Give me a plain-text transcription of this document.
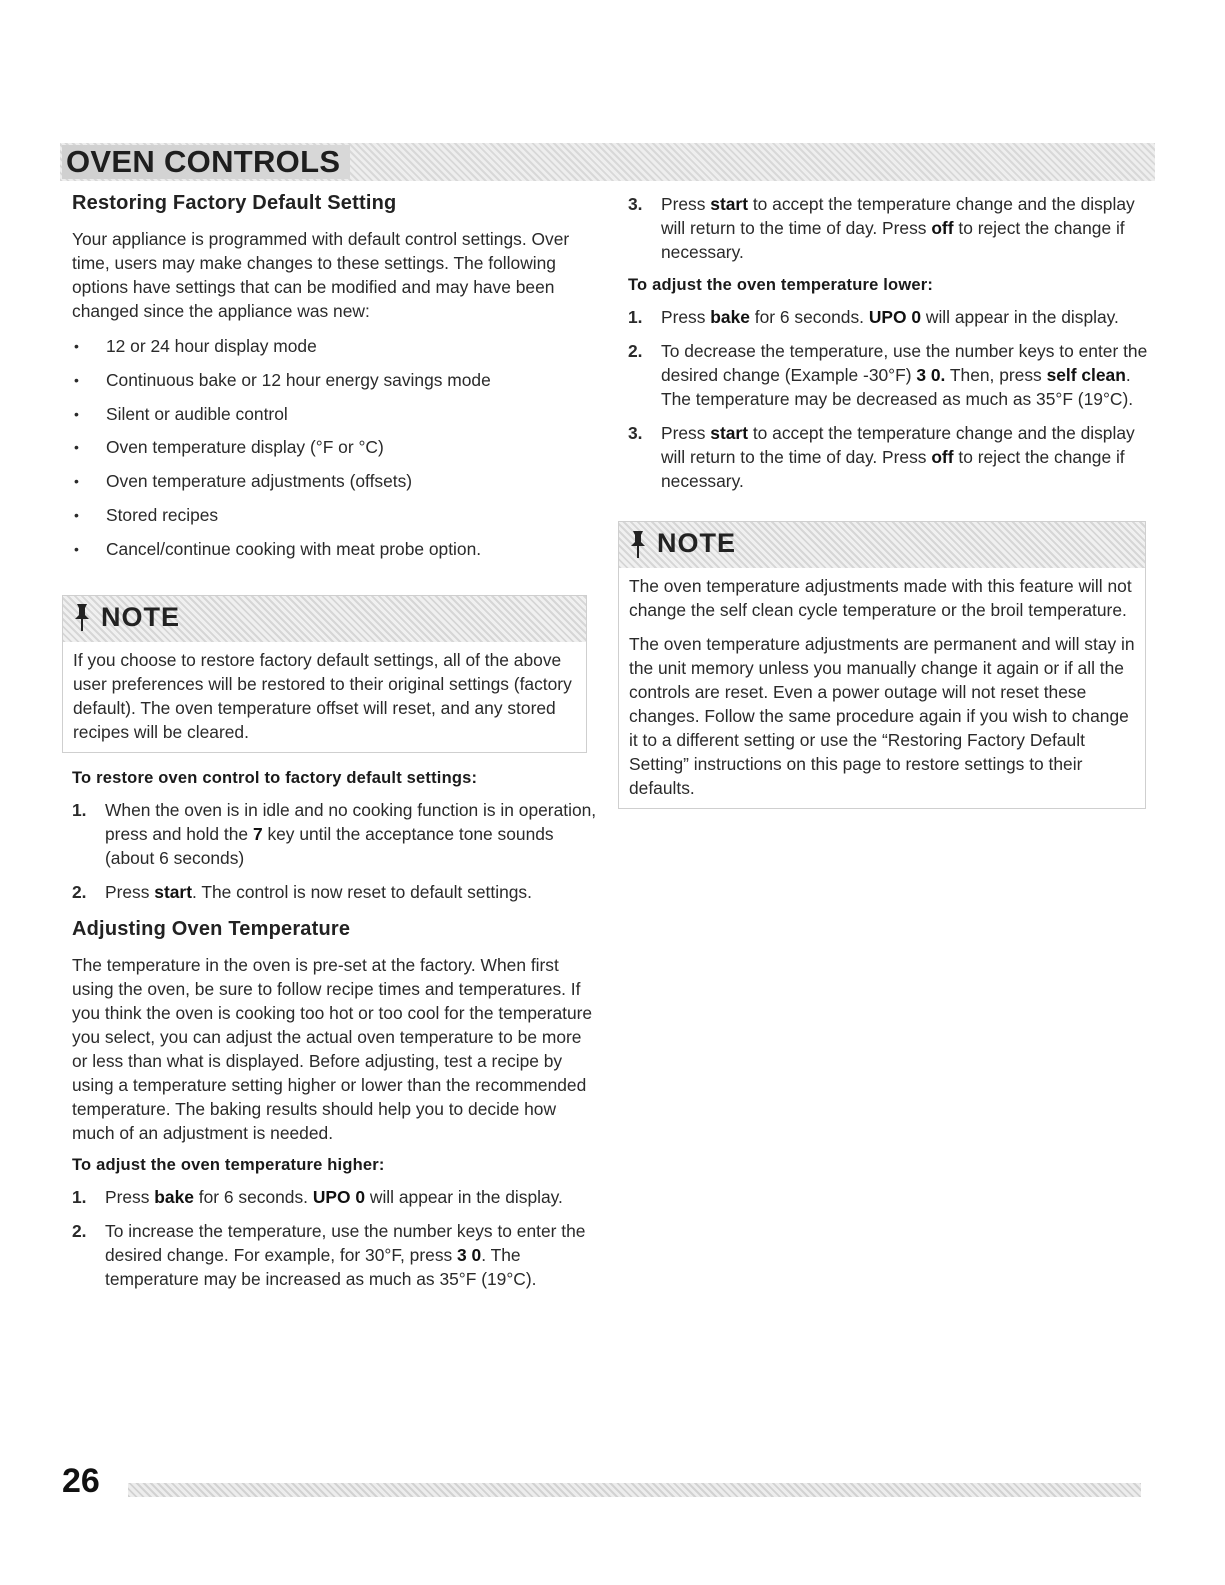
OVEN CONTROLS
Restoring Factory Default Setting

Your appliance is programmed with default control settings. Over time, users may make changes to these settings. The following options have settings that can be modified and may have been changed since the appliance was new:

• 12 or 24 hour display mode
• Continuous bake or 12 hour energy savings mode
• Silent or audible control
• Oven temperature display (°F or °C)
• Oven temperature adjustments (offsets)
• Stored recipes
• Cancel/continue cooking with meat probe option.
NOTE

If you choose to restore factory default settings, all of the above user preferences will be restored to their original settings (factory default). The oven temperature offset will reset, and any stored recipes will be cleared.

To restore oven control to factory default settings:
1.	When the oven is in idle and no cooking function is in operation, press and hold the 7 key until the acceptance tone sounds (about 6 seconds)
2.	Press start. The control is now reset to default settings.
Adjusting Oven Temperature

The temperature in the oven is pre-set at the factory. When first using the oven, be sure to follow recipe times and temperatures. If you think the oven is cooking too hot or too cool for the temperature you select, you can adjust the actual oven temperature to be more or less than what is displayed. Before adjusting, test a recipe by using a temperature setting higher or lower than the recommended temperature. The baking results should help you to decide how much of an adjustment is needed.

To adjust the oven temperature higher:
1.	Press bake for 6 seconds. UPO 0 will appear in the display.
2.	To increase the temperature, use the number keys to enter the desired change. For example, for 30°F, press 3 0. The temperature may be increased as much as 35°F (19°C).
3.	Press start to accept the temperature change and the display will return to the time of day. Press off to reject the change if necessary.
To adjust the oven temperature lower:
1.	Press bake for 6 seconds. UPO 0 will appear in the display.
2.	To decrease the temperature, use the number keys to enter the desired change (Example -30°F) 3 0. Then, press self clean. The temperature may be decreased as much as 35°F (19°C).
3.	Press start to accept the temperature change and the display will return to the time of day. Press off to reject the change if necessary.
NOTE

The oven temperature adjustments made with this feature will not change the self clean cycle temperature or the broil temperature.

The oven temperature adjustments are permanent and will stay in the unit memory unless you manually change it again or if all the controls are reset. Even a power outage will not reset these changes. Follow the same procedure again if you wish to change it to a different setting or use the “Restoring Factory Default Setting” instructions on this page to restore settings to their defaults.

26
